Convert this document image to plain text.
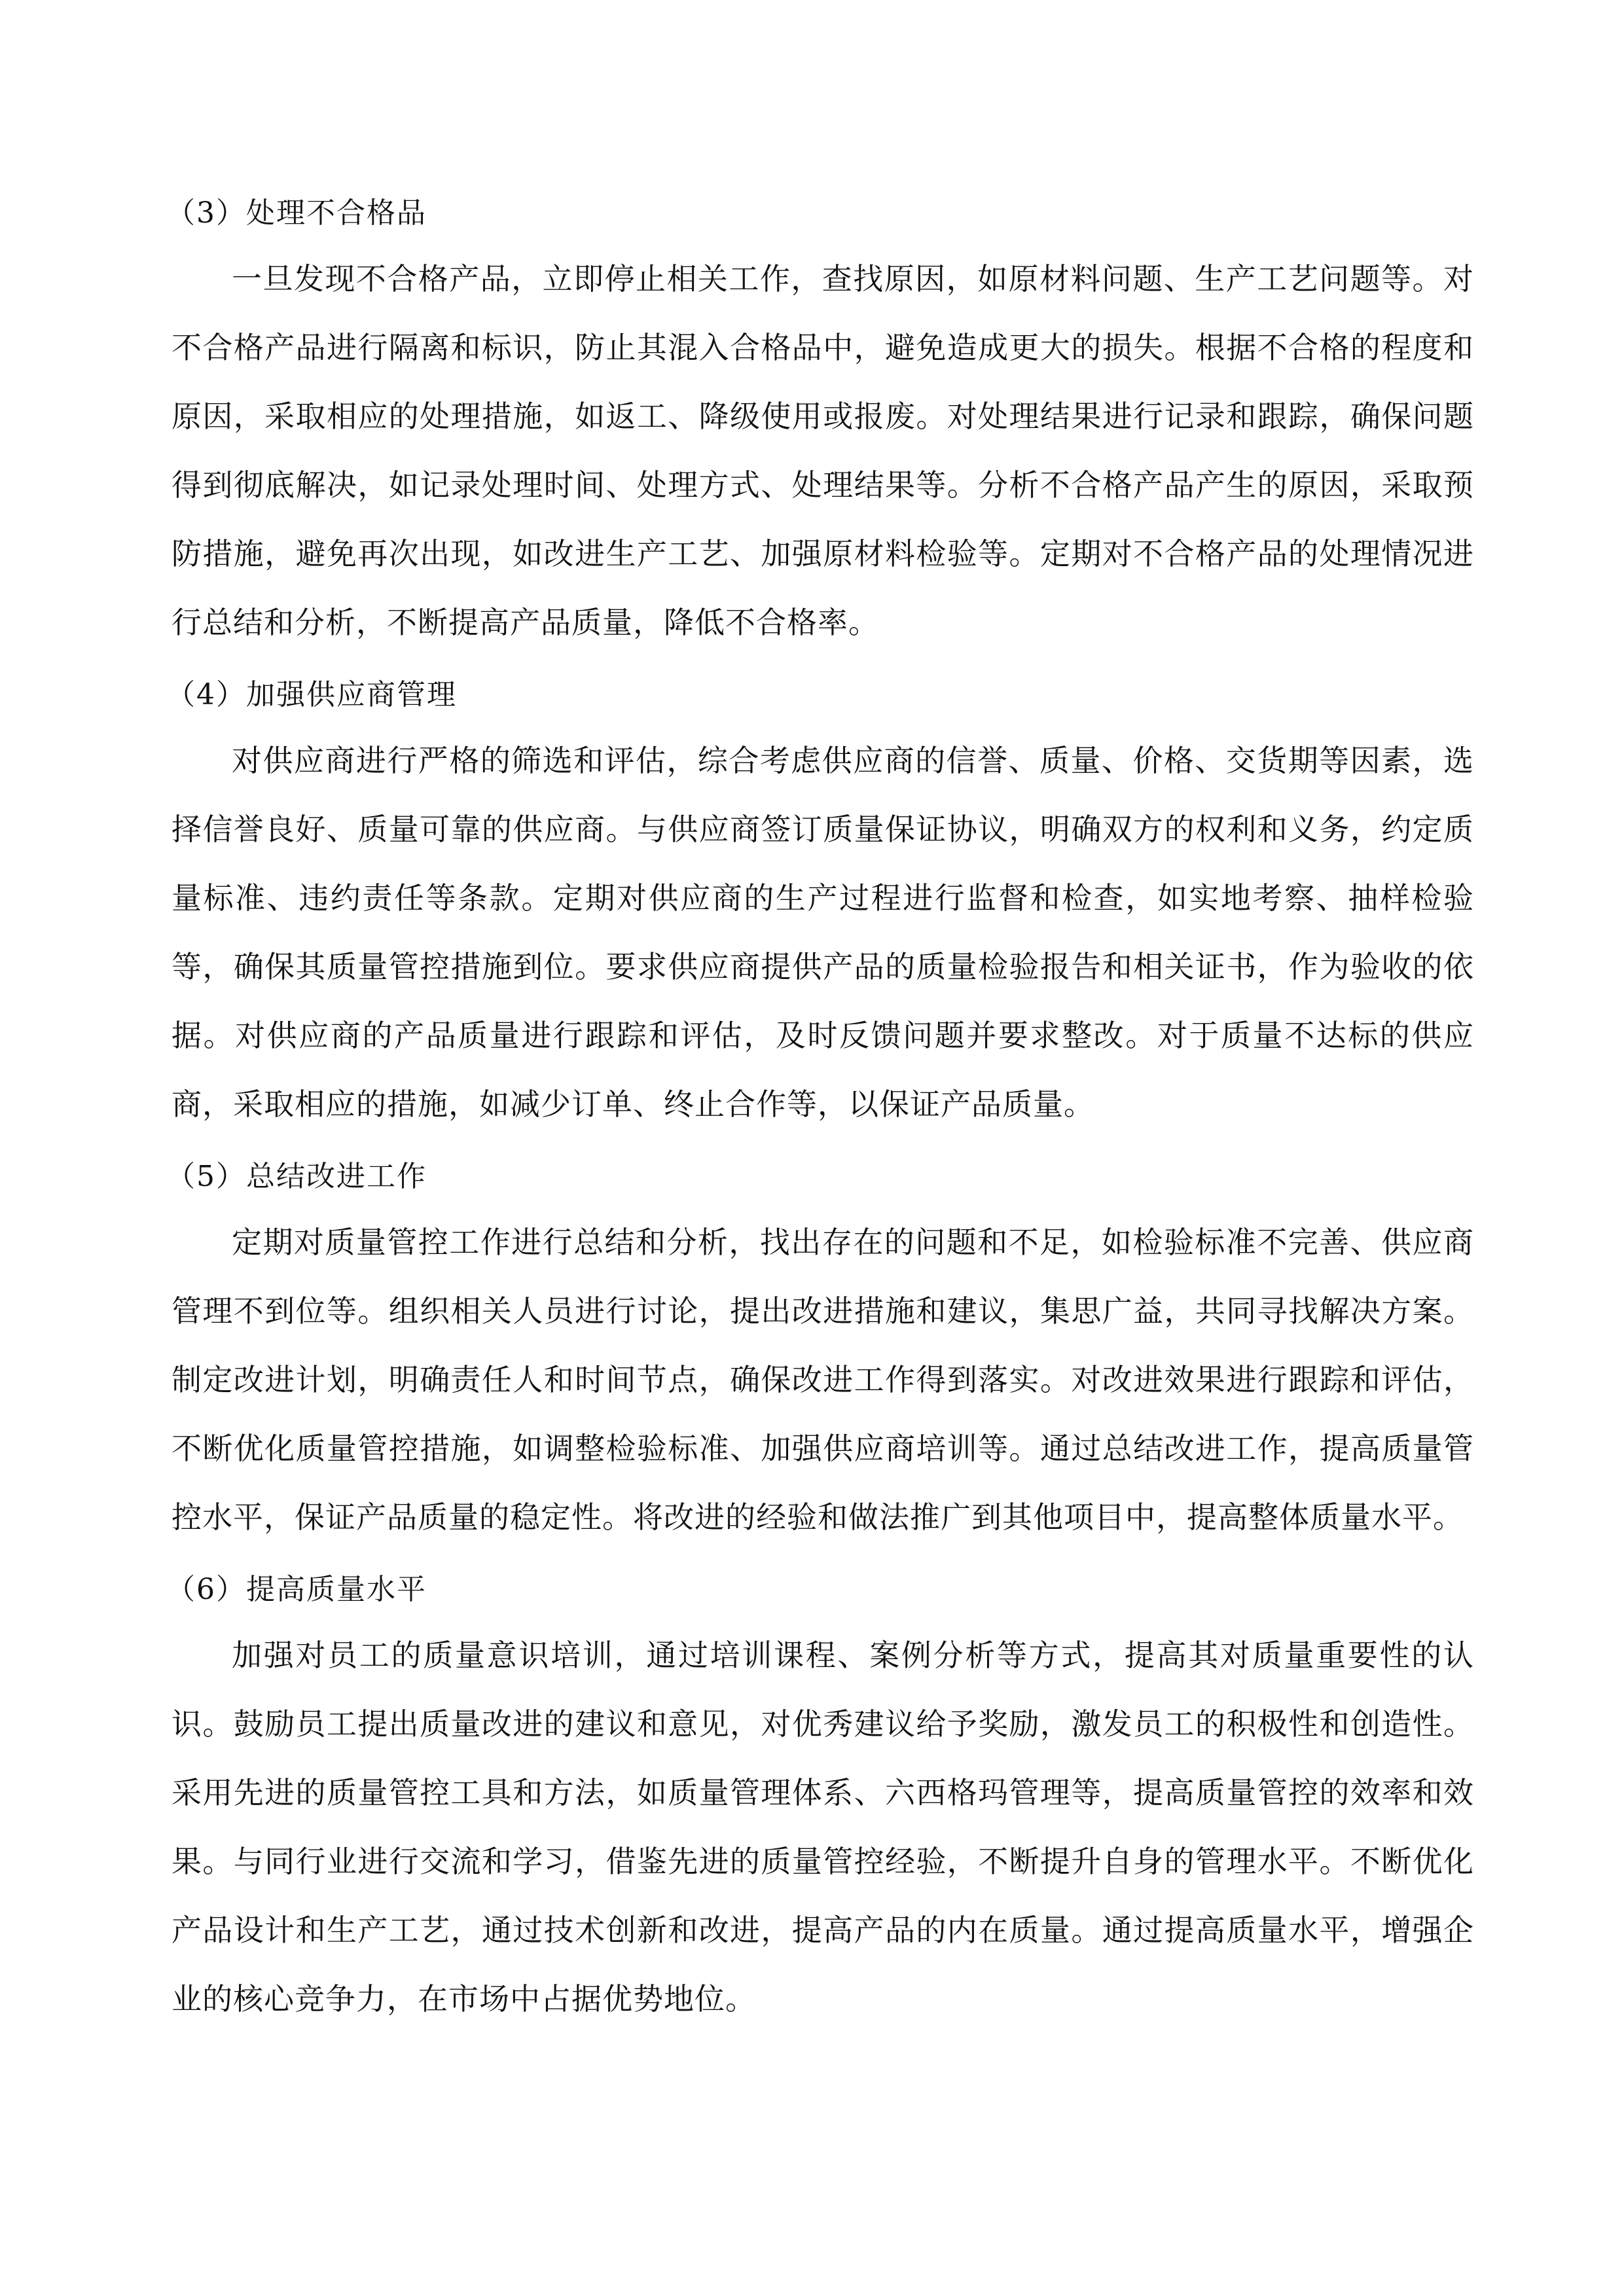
（3）处理不合格品

一旦发现不合格产品，立即停止相关工作，查找原因，如原材料问题、生产工艺问题等。对不合格产品进行隔离和标识，防止其混入合格品中，避免造成更大的损失。根据不合格的程度和原因，采取相应的处理措施，如返工、降级使用或报废。对处理结果进行记录和跟踪，确保问题得到彻底解决，如记录处理时间、处理方式、处理结果等。分析不合格产品产生的原因，采取预防措施，避免再次出现，如改进生产工艺、加强原材料检验等。定期对不合格产品的处理情况进行总结和分析，不断提高产品质量，降低不合格率。

（4）加强供应商管理

对供应商进行严格的筛选和评估，综合考虑供应商的信誉、质量、价格、交货期等因素，选择信誉良好、质量可靠的供应商。与供应商签订质量保证协议，明确双方的权利和义务，约定质量标准、违约责任等条款。定期对供应商的生产过程进行监督和检查，如实地考察、抽样检验等，确保其质量管控措施到位。要求供应商提供产品的质量检验报告和相关证书，作为验收的依据。对供应商的产品质量进行跟踪和评估，及时反馈问题并要求整改。对于质量不达标的供应商，采取相应的措施，如减少订单、终止合作等，以保证产品质量。

（5）总结改进工作

定期对质量管控工作进行总结和分析，找出存在的问题和不足，如检验标准不完善、供应商管理不到位等。组织相关人员进行讨论，提出改进措施和建议，集思广益，共同寻找解决方案。制定改进计划，明确责任人和时间节点，确保改进工作得到落实。对改进效果进行跟踪和评估，不断优化质量管控措施，如调整检验标准、加强供应商培训等。通过总结改进工作，提高质量管控水平，保证产品质量的稳定性。将改进的经验和做法推广到其他项目中，提高整体质量水平。

（6）提高质量水平

加强对员工的质量意识培训，通过培训课程、案例分析等方式，提高其对质量重要性的认识。鼓励员工提出质量改进的建议和意见，对优秀建议给予奖励，激发员工的积极性和创造性。采用先进的质量管控工具和方法，如质量管理体系、六西格玛管理等，提高质量管控的效率和效果。与同行业进行交流和学习，借鉴先进的质量管控经验，不断提升自身的管理水平。不断优化产品设计和生产工艺，通过技术创新和改进，提高产品的内在质量。通过提高质量水平，增强企业的核心竞争力，在市场中占据优势地位。
